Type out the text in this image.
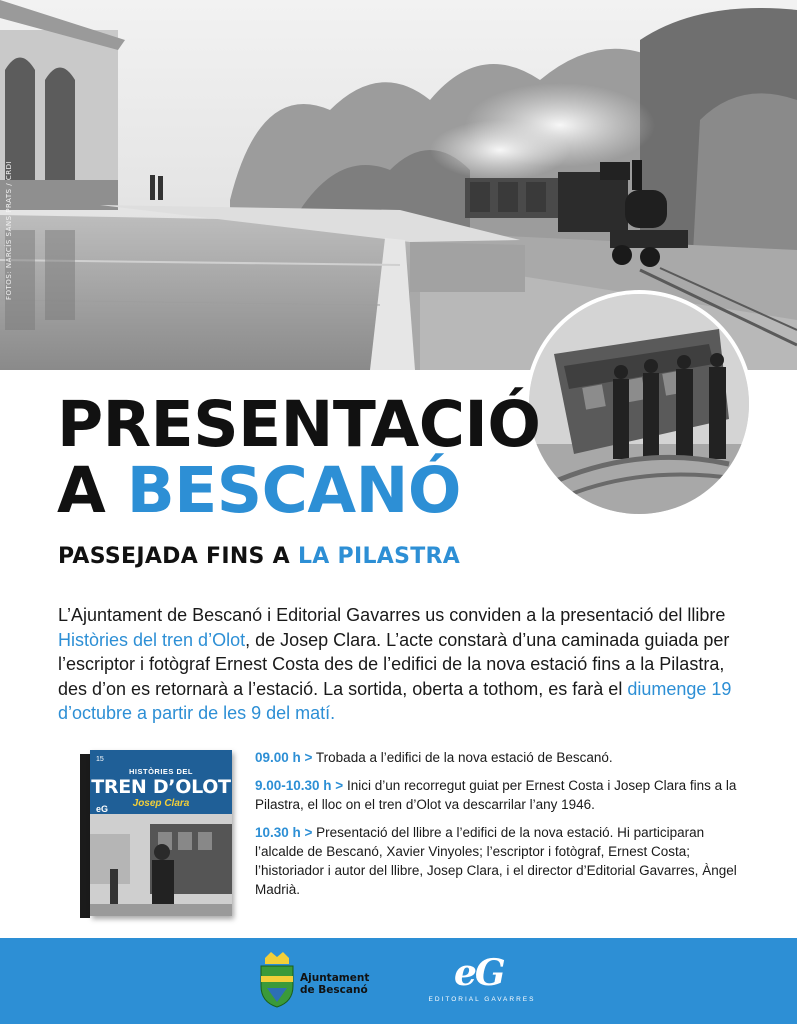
FOTOS: NARCÍS SANS PRATS / CRDI
PRESENTACIÓ
A BESCANÓ
PASSEJADA FINS A LA PILASTRA

L’Ajuntament de Bescanó i Editorial Gavarres us conviden a la presentació del llibre Històries del tren d’Olot, de Josep Clara. L’acte constarà d’una caminada guiada per l’escriptor i fotògraf Ernest Costa des de l’edifici de la nova estació fins a la Pilastra, des d’on es retornarà a l’estació. La sortida, oberta a tothom, es farà el diumenge 19 d’octubre a partir de les 9 del matí.

15
HISTÒRIES DEL
TREN D’OLOT
eG	Josep Clara

09.00 h > Trobada a l’edifici de la nova estació de Bescanó.

9.00-10.30 h > Inici d’un recorregut guiat per Ernest Costa i Josep Clara fins a la Pilastra, el lloc on el tren d’Olot va descarrilar l’any 1946.

10.30 h > Presentació del llibre a l’edifici de la nova estació. Hi participaran l’alcalde de Bescanó, Xavier Vinyoles; l’escriptor i fotògraf, Ernest Costa; l’historiador i autor del llibre, Josep Clara, i el director d’Editorial Gavarres, Àngel Madrià.

Ajuntament
de Bescanó eG
EDITORIAL GAVARRES
